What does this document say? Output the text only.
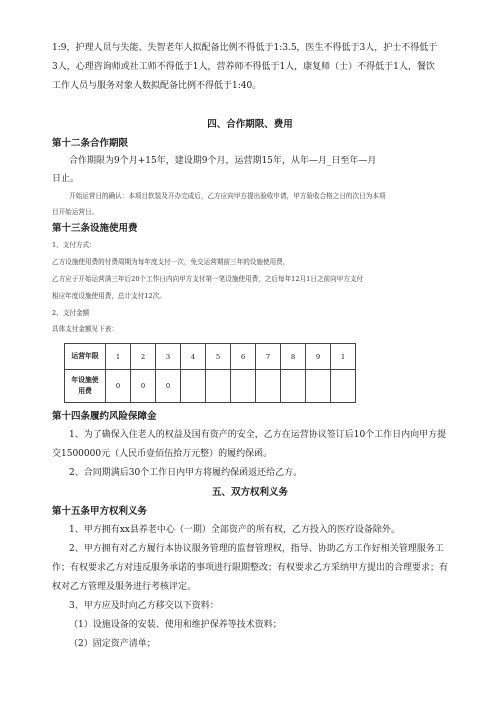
1:9，护理人员与失能、失智老年人拟配备比例不得低于1:3.5，医生不得低于3人，护士不得低于
3人，心理咨询师或社工师不得低于1人，营养师不得低于1人，康复师（士）不得低于1人，餐饮
工作人员与服务对象人数拟配备比例不得低于1:40。
四、合作期限、费用
第十二条合作期限
合作期限为9个月+15年，建设期9个月，运营期15年，从年—月_日至年—月
日止。
开始运营日的确认：本项目软装及开办完成后，乙方应向甲方提出验收申请，甲方验收合格之日的次日为本项
目开始运营日。
第十三条设施使用费
1、支付方式：
乙方设施使用费的付费周期为每年度支付一次，免交运营期前三年的设施使用费，
乙方应于开始运营满三年后20个工作日内向甲方支付第一笔设施使用费，之后每年12月1日之前向甲方支付
相应年度设施使用费，总计支付12次。
2、支付金额
具体支付金额见下表：
运营年限	1	2	3	4	5	6	7	8	9	1

年设施使
用费	0	0	0							
第十四条履约风险保障金
1、为了确保入住老人的权益及国有资产的安全，乙方在运营协议签订后10个工作日内向甲方提
交1500000元（人民币壹佰伍拾万元整）的履约保函。
2、合同期满后30个工作日内甲方将履约保函返还给乙方。
五、双方权利义务
第十五条甲方权利义务
1、甲方拥有xx县养老中心（一期）全部资产的所有权，乙方投入的医疗设备除外。
2、甲方拥有对乙方履行本协议服务管理的监督管理权，指导、协助乙方工作好相关管理服务工
作；有权要求乙方对违反服务承诺的事项进行限期整改；有权要求乙方采纳甲方提出的合理要求；有
权对乙方管理及服务进行考核评定。
3、甲方应及时向乙方移交以下资料：
（1）设施设备的安装、使用和维护保养等技术资料；
（2）固定资产清单；
